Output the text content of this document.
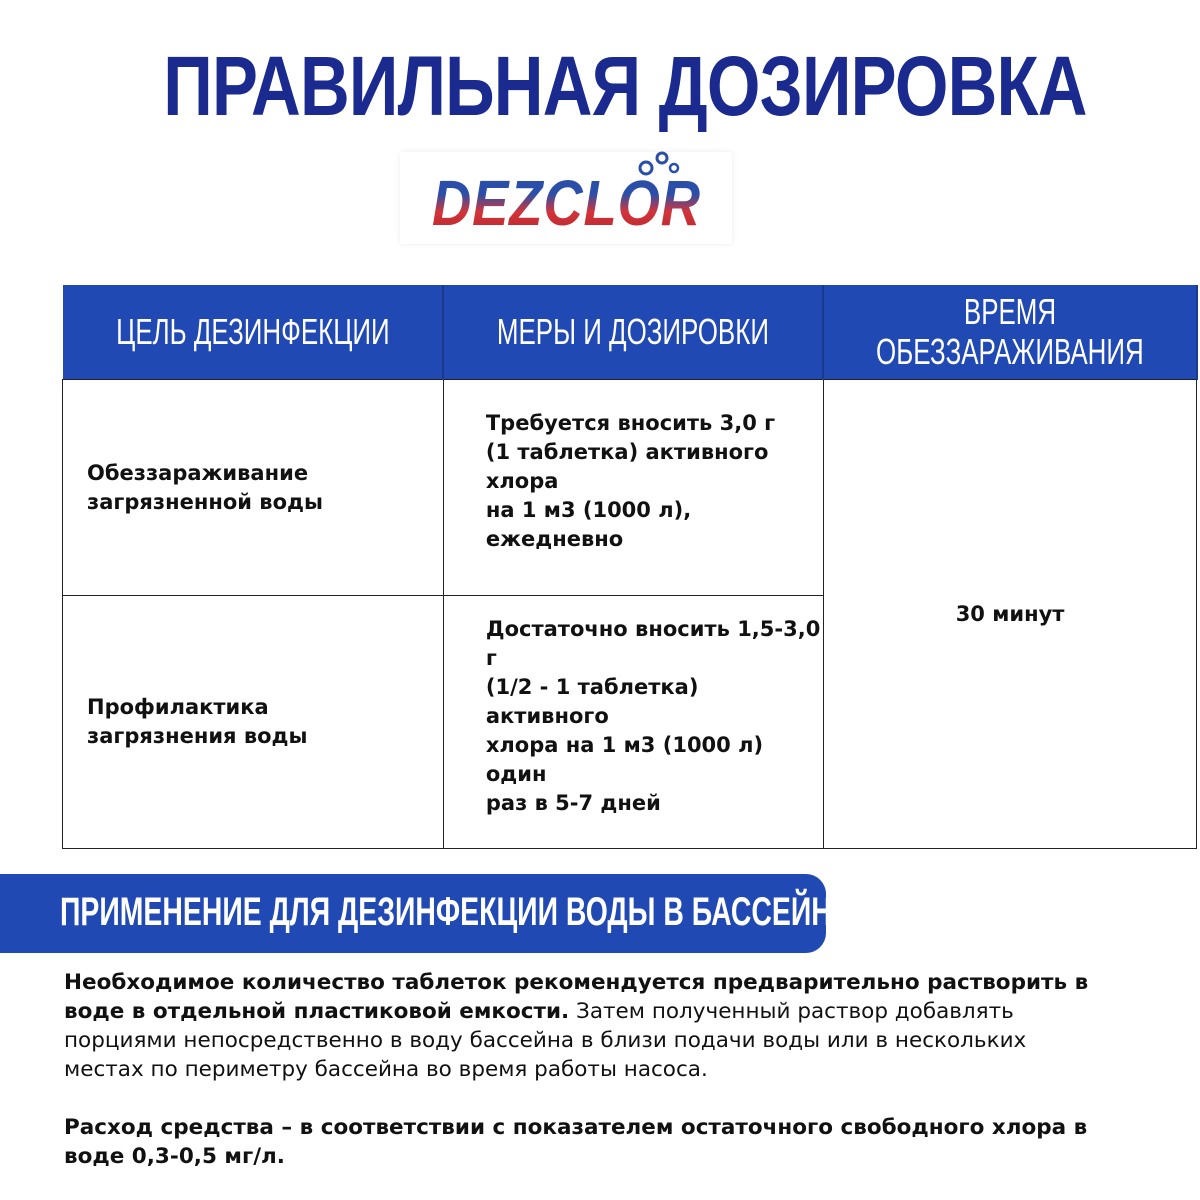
ПРАВИЛЬНАЯ ДОЗИРОВКА
DEZCLOR
ЦЕЛЬ ДЕЗИНФЕКЦИИ	МЕРЫ И ДОЗИРОВКИ	ВРЕМЯ
ОБЕЗЗАРАЖИВАНИЯ
Обеззараживание
загрязненной воды	Требуется вносить 3,0 г
(1 таблетка) активного хлора
на 1 м3 (1000 л), ежедневно	30 минут
Профилактика
загрязнения воды	Достаточно вносить 1,5-3,0 г
(1/2 - 1 таблетка) активного
хлора на 1 м3 (1000 л) один
раз в 5-7 дней	
ПРИМЕНЕНИЕ ДЛЯ ДЕЗИНФЕКЦИИ ВОДЫ В БАССЕЙНЕ

Необходимое количество таблеток рекомендуется предварительно растворить в
воде в отдельной пластиковой емкости. Затем полученный раствор добавлять
порциями непосредственно в воду бассейна в близи подачи воды или в нескольких
местах по периметру бассейна во время работы насоса.

Расход средства – в соответствии с показателем остаточного свободного хлора в
воде 0,3-0,5 мг/л.
